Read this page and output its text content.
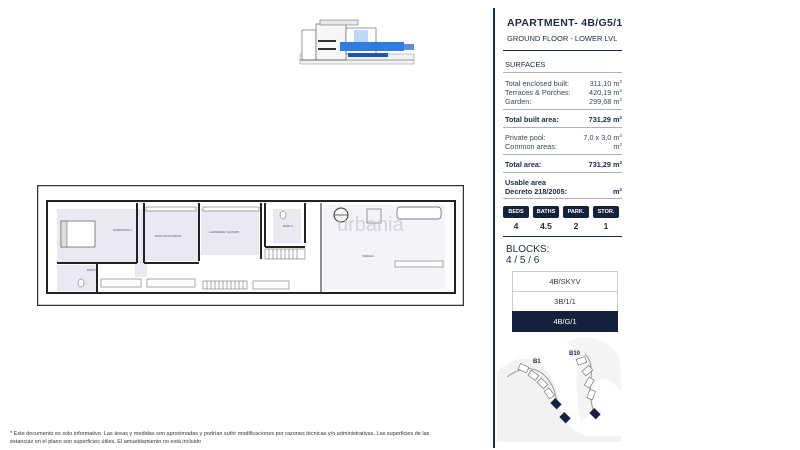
urbania
DORMITORIO 4
BAÑO DE INVITADOS
LAVANDERÍA / LAUNDRY
BAÑO 4
BAÑO 5
TERRAZA

* Este documento es solo informativo. Las áreas y medidas son aproximadas y podrían sufrir modificaciones por razones técnicas y/o administrativas. Las superficies de las

estancias en el plano son superficies útiles. El amueblamiento no está incluido

APARTMENT- 4B/G5/1
GROUND FLOOR - LOWER LVL
SURFACES
Total enclosed built:	311,10 $m^2$
Terraces & Porches:	420,19 $m^2$
Garden:	299,68 $m^2$
Total built area:	731,29 $m^2$
Private pool:	7,0 x 3,0 $m^2$
Common areas:	$m^2$
Total area:	731,29 $m^2$
Usable area
Decreto 218/2005:	$m^2$
BEDS	BATHS	PARK.	STOR.
4	4.5	2	1
BLOCKS:
4 / 5 / 6
4B/SKYV
3B/1/1
4B/G/1
B1
B10
